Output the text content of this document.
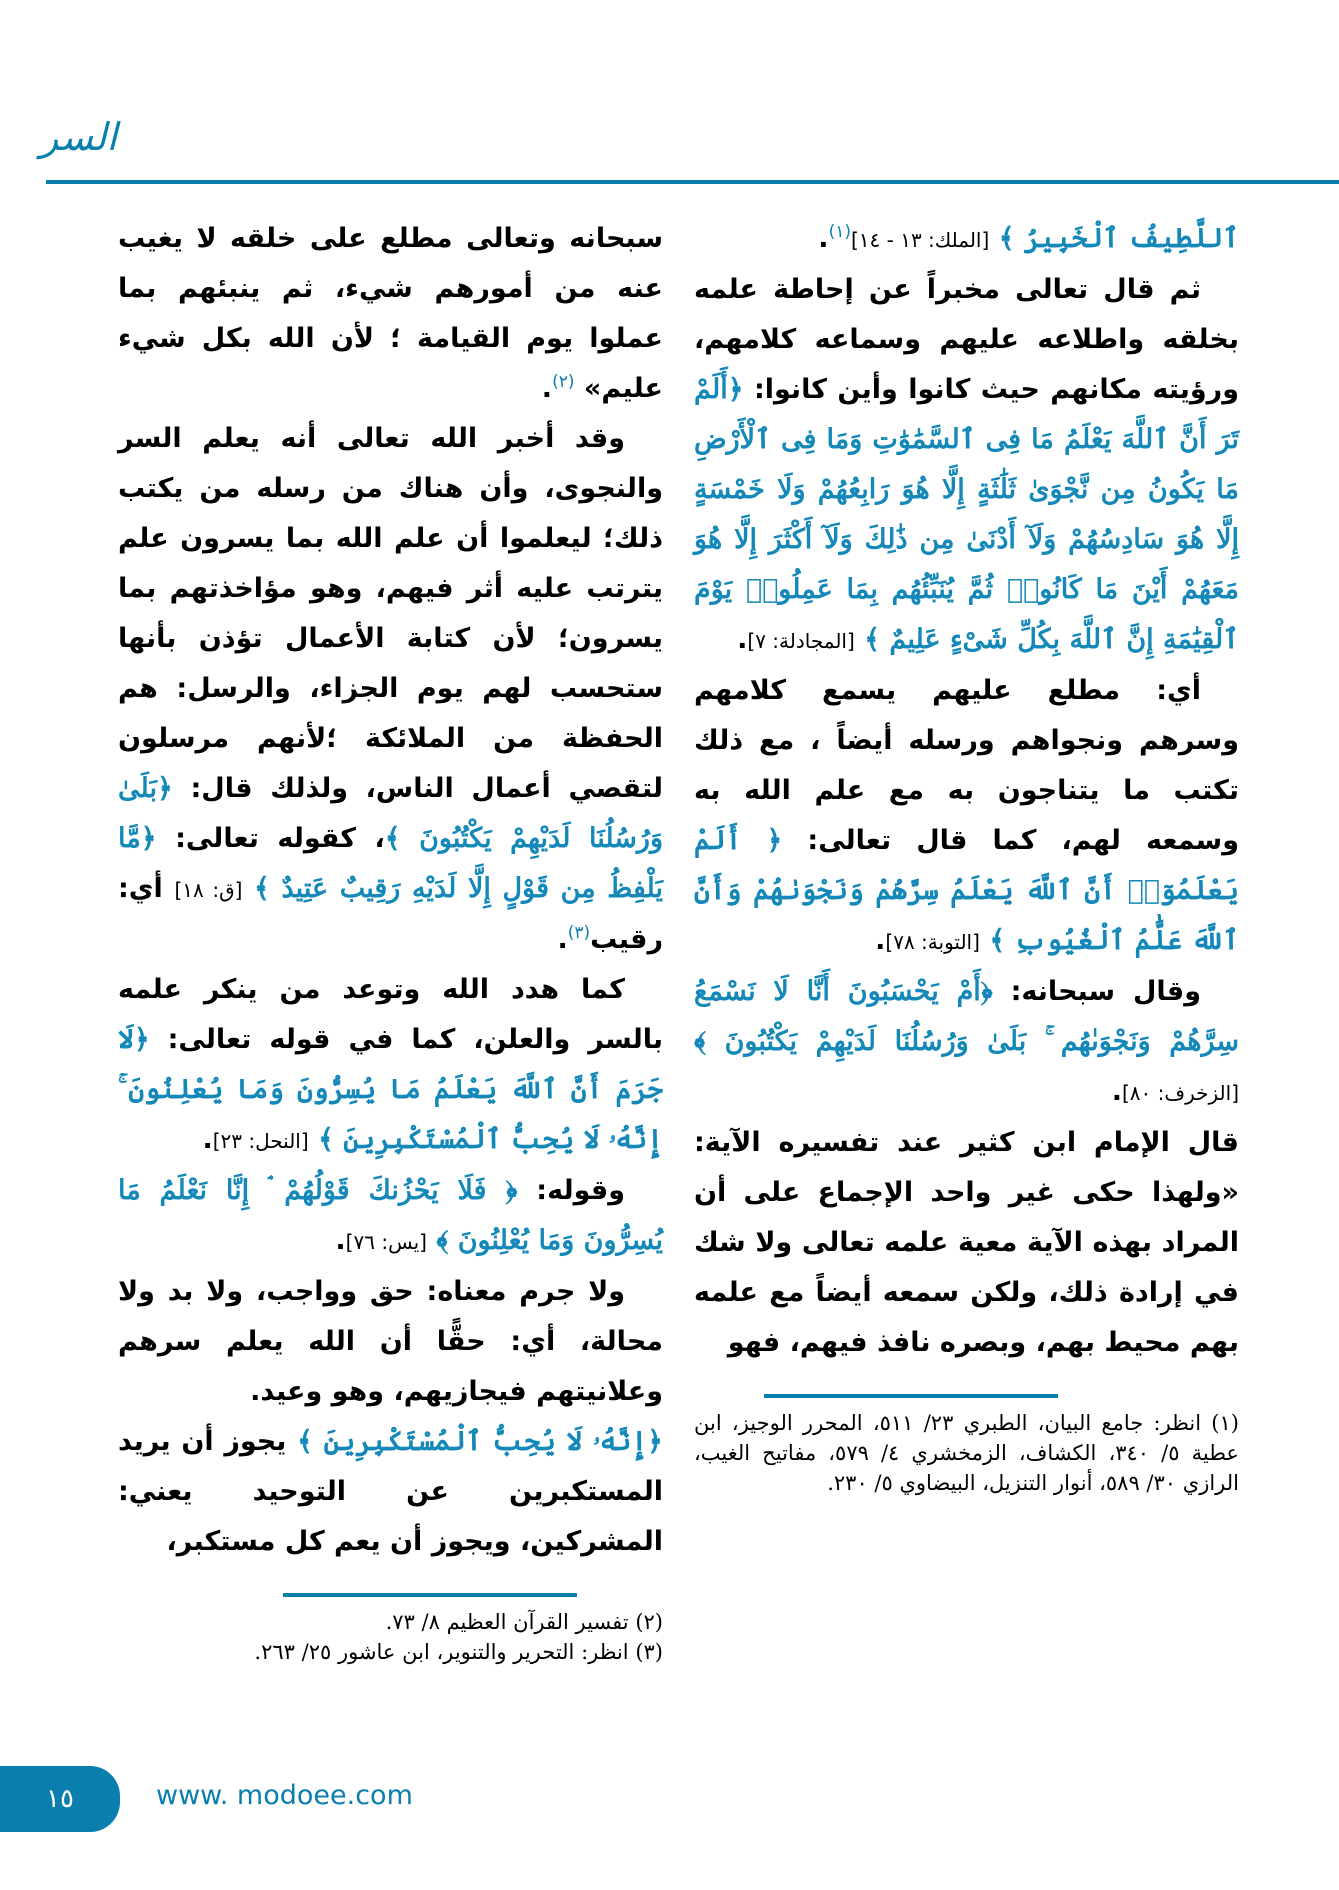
السر

ٱللَّطِيفُ ٱلْخَبِيرُ ﴾ [الملك: ١٣ - ١٤]$^{(١)}$.

ثم قال تعالى مخبراً عن إحاطة علمه بخلقه واطلاعه عليهم وسماعه كلامهم، ورؤيته مكانهم حيث كانوا وأين كانوا: ﴿أَلَمْ تَرَ أَنَّ ٱللَّهَ يَعْلَمُ مَا فِى ٱلسَّمَٰوَٰتِ وَمَا فِى ٱلْأَرْضِ مَا يَكُونُ مِن نَّجْوَىٰ ثَلَٰثَةٍ إِلَّا هُوَ رَابِعُهُمْ وَلَا خَمْسَةٍ إِلَّا هُوَ سَادِسُهُمْ وَلَآ أَدْنَىٰ مِن ذَٰلِكَ وَلَآ أَكْثَرَ إِلَّا هُوَ مَعَهُمْ أَيْنَ مَا كَانُوا۟ ثُمَّ يُنَبِّئُهُم بِمَا عَمِلُوا۟ يَوْمَ ٱلْقِيَٰمَةِ إِنَّ ٱللَّهَ بِكُلِّ شَىْءٍ عَلِيمٌ ﴾ [المجادلة: ٧].

أي: مطلع عليهم يسمع كلامهم وسرهم ونجواهم ورسله أيضاً ، مع ذلك تكتب ما يتناجون به مع علم الله به وسمعه لهم، كما قال تعالى: ﴿ أَلَمْ يَعْلَمُوٓا۟ أَنَّ ٱللَّهَ يَعْلَمُ سِرَّهُمْ وَنَجْوَىٰهُمْ وَأَنَّ ٱللَّهَ عَلَّٰمُ ٱلْغُيُوبِ ﴾ [التوبة: ٧٨].

وقال سبحانه: ﴿أَمْ يَحْسَبُونَ أَنَّا لَا نَسْمَعُ سِرَّهُمْ وَنَجْوَىٰهُم ۚ بَلَىٰ وَرُسُلُنَا لَدَيْهِمْ يَكْتُبُونَ ﴾ [الزخرف: ٨٠].

قال الإمام ابن كثير عند تفسيره الآية: «ولهذا حكى غير واحد الإجماع على أن المراد بهذه الآية معية علمه تعالى ولا شك في إرادة ذلك، ولكن سمعه أيضاً مع علمه بهم محيط بهم، وبصره نافذ فيهم، فهو

(١) انظر: جامع البيان، الطبري ٢٣/ ٥١١، المحرر الوجيز، ابن عطية ٥/ ٣٤٠، الكشاف، الزمخشري ٤/ ٥٧٩، مفاتيح الغيب، الرازي ٣٠/ ٥٨٩، أنوار التنزيل، البيضاوي ٥/ ٢٣٠.

سبحانه وتعالى مطلع على خلقه لا يغيب عنه من أمورهم شيء، ثم ينبئهم بما عملوا يوم القيامة ؛ لأن الله بكل شيء عليم» $^{(٢)}$.

وقد أخبر الله تعالى أنه يعلم السر والنجوى، وأن هناك من رسله من يكتب ذلك؛ ليعلموا أن علم الله بما يسرون علم يترتب عليه أثر فيهم، وهو مؤاخذتهم بما يسرون؛ لأن كتابة الأعمال تؤذن بأنها ستحسب لهم يوم الجزاء، والرسل: هم الحفظة من الملائكة ؛لأنهم مرسلون لتقصي أعمال الناس، ولذلك قال: ﴿بَلَىٰ وَرُسُلُنَا لَدَيْهِمْ يَكْتُبُونَ ﴾، كقوله تعالى: ﴿مَّا يَلْفِظُ مِن قَوْلٍ إِلَّا لَدَيْهِ رَقِيبٌ عَتِيدٌ ﴾ [ق: ١٨] أي: رقيب$^{(٣)}$.

كما هدد الله وتوعد من ينكر علمه بالسر والعلن، كما في قوله تعالى: ﴿لَا جَرَمَ أَنَّ ٱللَّهَ يَعْلَمُ مَا يُسِرُّونَ وَمَا يُعْلِنُونَ ۚ إِنَّهُۥ لَا يُحِبُّ ٱلْمُسْتَكْبِرِينَ ﴾ [النحل: ٢٣].

وقوله: ﴿ فَلَا يَحْزُنكَ قَوْلُهُمْ ۘ إِنَّا نَعْلَمُ مَا يُسِرُّونَ وَمَا يُعْلِنُونَ ﴾ [يس: ٧٦].

ولا جرم معناه: حق وواجب، ولا بد ولا محالة، أي: حقًّا أن الله يعلم سرهم وعلانيتهم فيجازيهم، وهو وعيد.

﴿إِنَّهُۥ لَا يُحِبُّ ٱلْمُسْتَكْبِرِينَ ﴾ يجوز أن يريد المستكبرين عن التوحيد يعني: المشركين، ويجوز أن يعم كل مستكبر،

(٢) تفسير القرآن العظيم ٨/ ٧٣.

(٣) انظر: التحرير والتنوير، ابن عاشور ٢٥/ ٢٦٣.

١٥	www. modoee.com
